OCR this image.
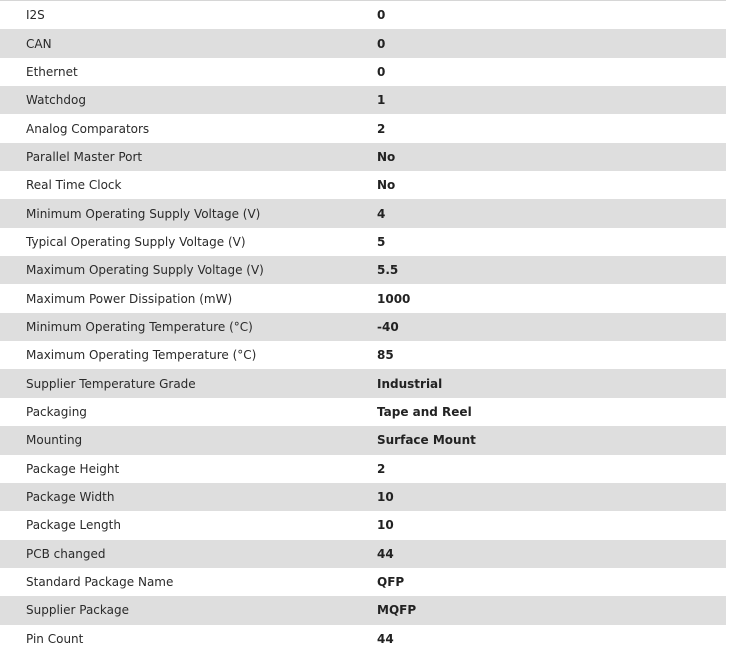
I2S	0
CAN	0
Ethernet	0
Watchdog	1
Analog Comparators	2
Parallel Master Port	No
Real Time Clock	No
Minimum Operating Supply Voltage (V)	4
Typical Operating Supply Voltage (V)	5
Maximum Operating Supply Voltage (V)	5.5
Maximum Power Dissipation (mW)	1000
Minimum Operating Temperature (°C)	-40
Maximum Operating Temperature (°C)	85
Supplier Temperature Grade	Industrial
Packaging	Tape and Reel
Mounting	Surface Mount
Package Height	2
Package Width	10
Package Length	10
PCB changed	44
Standard Package Name	QFP
Supplier Package	MQFP
Pin Count	44
